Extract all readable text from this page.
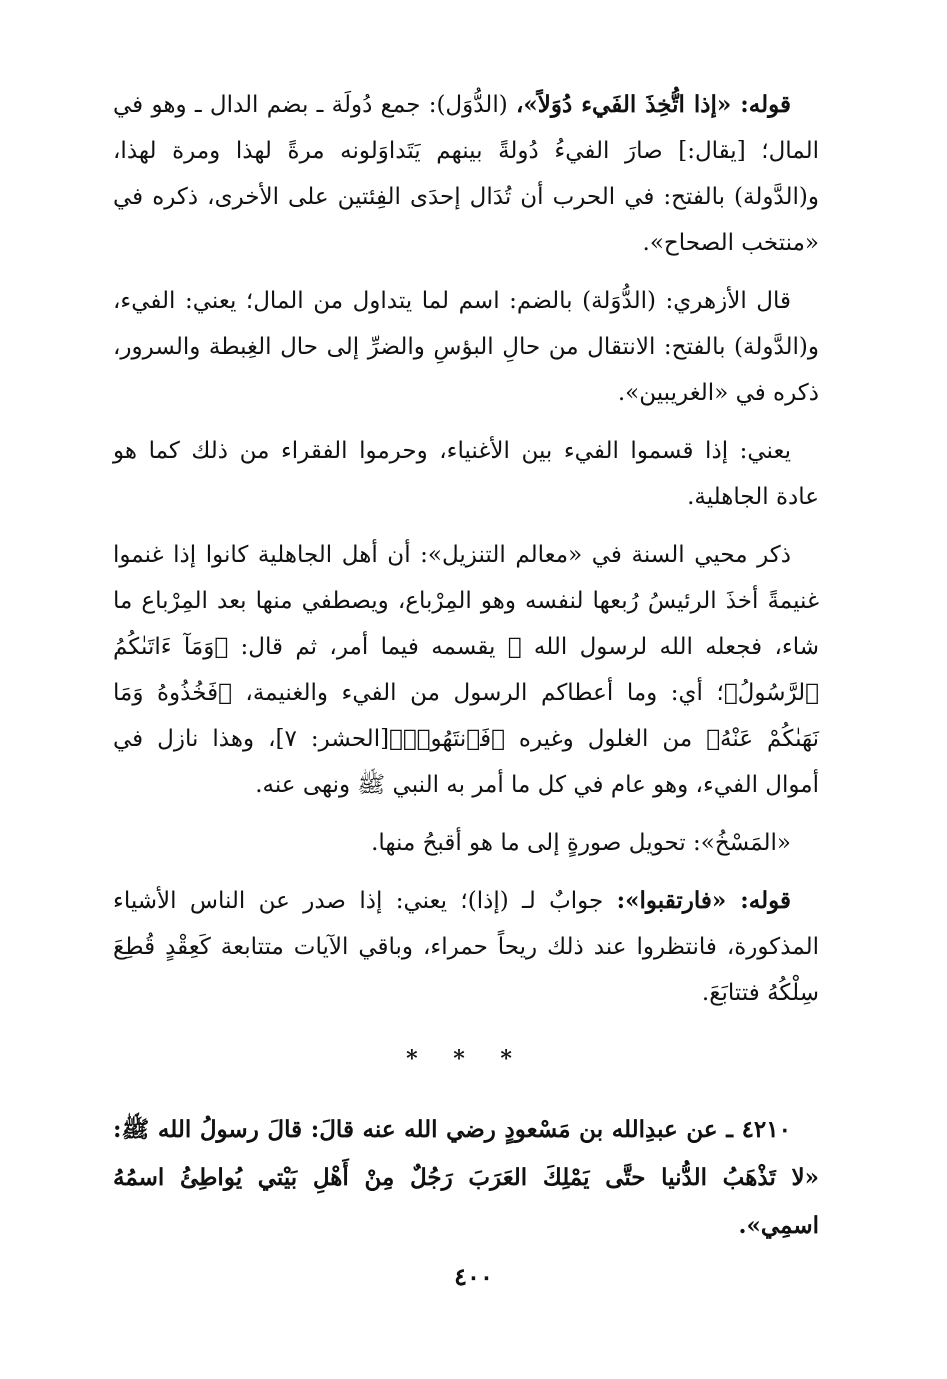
قوله: «إذا اتُّخِذَ الفَيء دُوَلاً»، (الدُّوَل): جمع دُولَة ـ بضم الدال ـ وهو في المال؛ [يقال:] صارَ الفيءُ دُولةً بينهم يَتَداوَلونه مرةً لهذا ومرة لهذا، و(الدَّولة) بالفتح: في الحرب أن تُدَال إحدَى الفِئتين على الأخرى، ذكره في «منتخب الصحاح».

قال الأزهري: (الدُّوَلة) بالضم: اسم لما يتداول من المال؛ يعني: الفيء، و(الدَّولة) بالفتح: الانتقال من حالِ البؤسِ والضرِّ إلى حال الغِبطة والسرور، ذكره في «الغريبين».

يعني: إذا قسموا الفيء بين الأغنياء، وحرموا الفقراء من ذلك كما هو عادة الجاهلية.

ذكر محيي السنة في «معالم التنزيل»: أن أهل الجاهلية كانوا إذا غنموا غنيمةً أخذَ الرئيسُ رُبعها لنفسه وهو المِرْباع، ويصطفي منها بعد المِرْباع ما شاء، فجعله الله لرسول الله ﷺ يقسمه فيما أمر، ثم قال: ﴿وَمَآ ءَاتَىٰكُمُ ٱلرَّسُولُ﴾؛ أي: وما أعطاكم الرسول من الفيء والغنيمة، ﴿فَخُذُوهُ وَمَا نَهَىٰكُمْ عَنْهُ﴾ من الغلول وغيره ﴿فَٱنتَهُوا۟﴾[الحشر: ٧]، وهذا نازل في أموال الفيء، وهو عام في كل ما أمر به النبي ﷺ ونهى عنه.

«المَسْخُ»: تحويل صورةٍ إلى ما هو أقبحُ منها.

قوله: «فارتقبوا»: جوابٌ لـ (إذا)؛ يعني: إذا صدر عن الناس الأشياء المذكورة، فانتظروا عند ذلك ريحاً حمراء، وباقي الآيات متتابعة كَعِقْدٍ قُطِعَ سِلْكُهُ فتتابَعَ.

* * *

٤٢١٠ ـ عن عبدِالله بن مَسْعودٍ رضي الله عنه قالَ: قالَ رسولُ الله ﷺ: «لا تَذْهَبُ الدُّنيا حتَّى يَمْلِكَ العَرَبَ رَجُلٌ مِنْ أَهْلِ بَيْتي يُواطِئُ اسمُهُ اسمِي».

٤٠٠
